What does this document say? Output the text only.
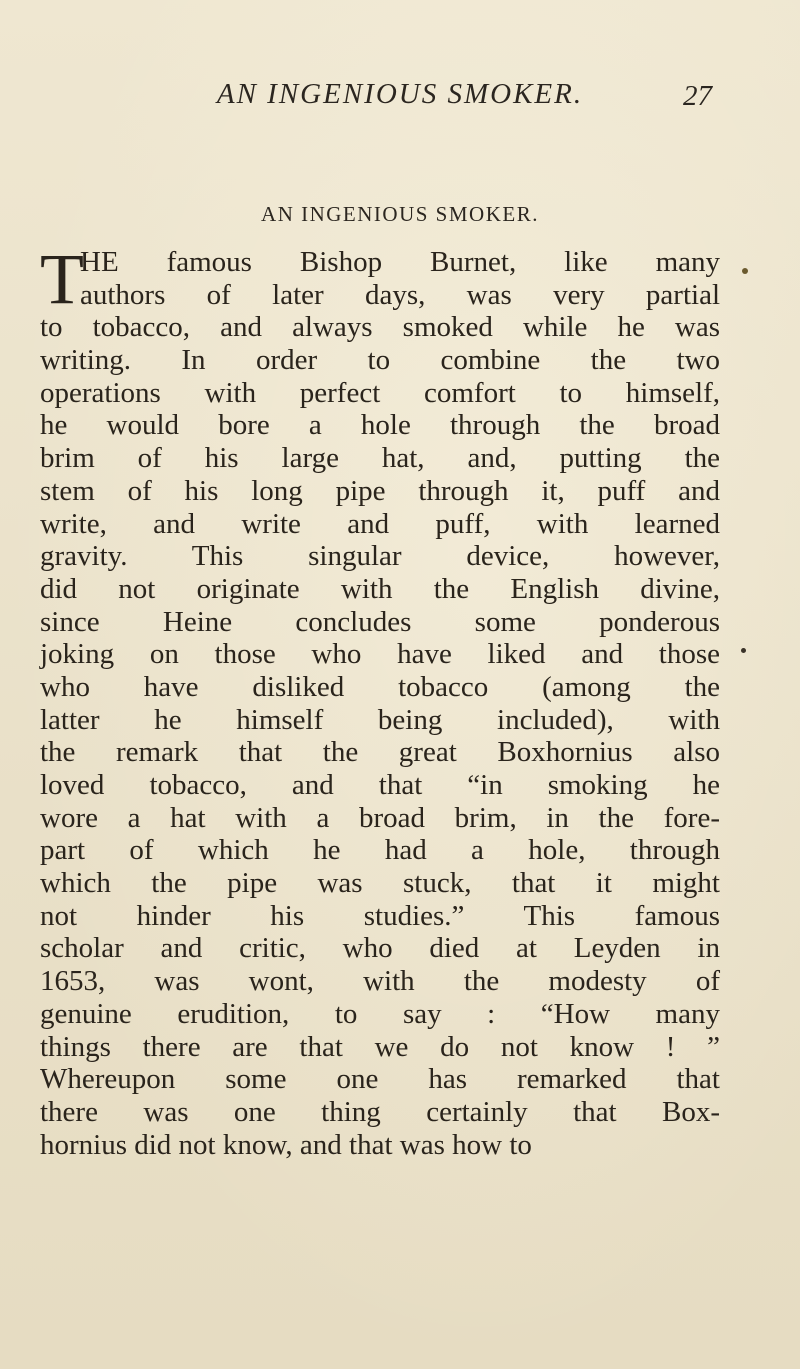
AN INGENIOUS SMOKER.	27
AN INGENIOUS SMOKER.
T
HE famous Bishop Burnet, like many
authors of later days, was very partial
to tobacco, and always smoked while he was
writing. In order to combine the two
operations with perfect comfort to himself,
he would bore a hole through the broad
brim of his large hat, and, putting the
stem of his long pipe through it, puff and
write, and write and puff, with learned
gravity. This singular device, however,
did not originate with the English divine,
since Heine concludes some ponderous
joking on those who have liked and those
who have disliked tobacco (among the
latter he himself being included), with
the remark that the great Boxhornius also
loved tobacco, and that “in smoking he
wore a hat with a broad brim, in the fore-
part of which he had a hole, through
which the pipe was stuck, that it might
not hinder his studies.” This famous
scholar and critic, who died at Leyden in
1653, was wont, with the modesty of
genuine erudition, to say : “How many
things there are that we do not know ! ”
Whereupon some one has remarked that
there was one thing certainly that Box-
hornius did not know, and that was how to
